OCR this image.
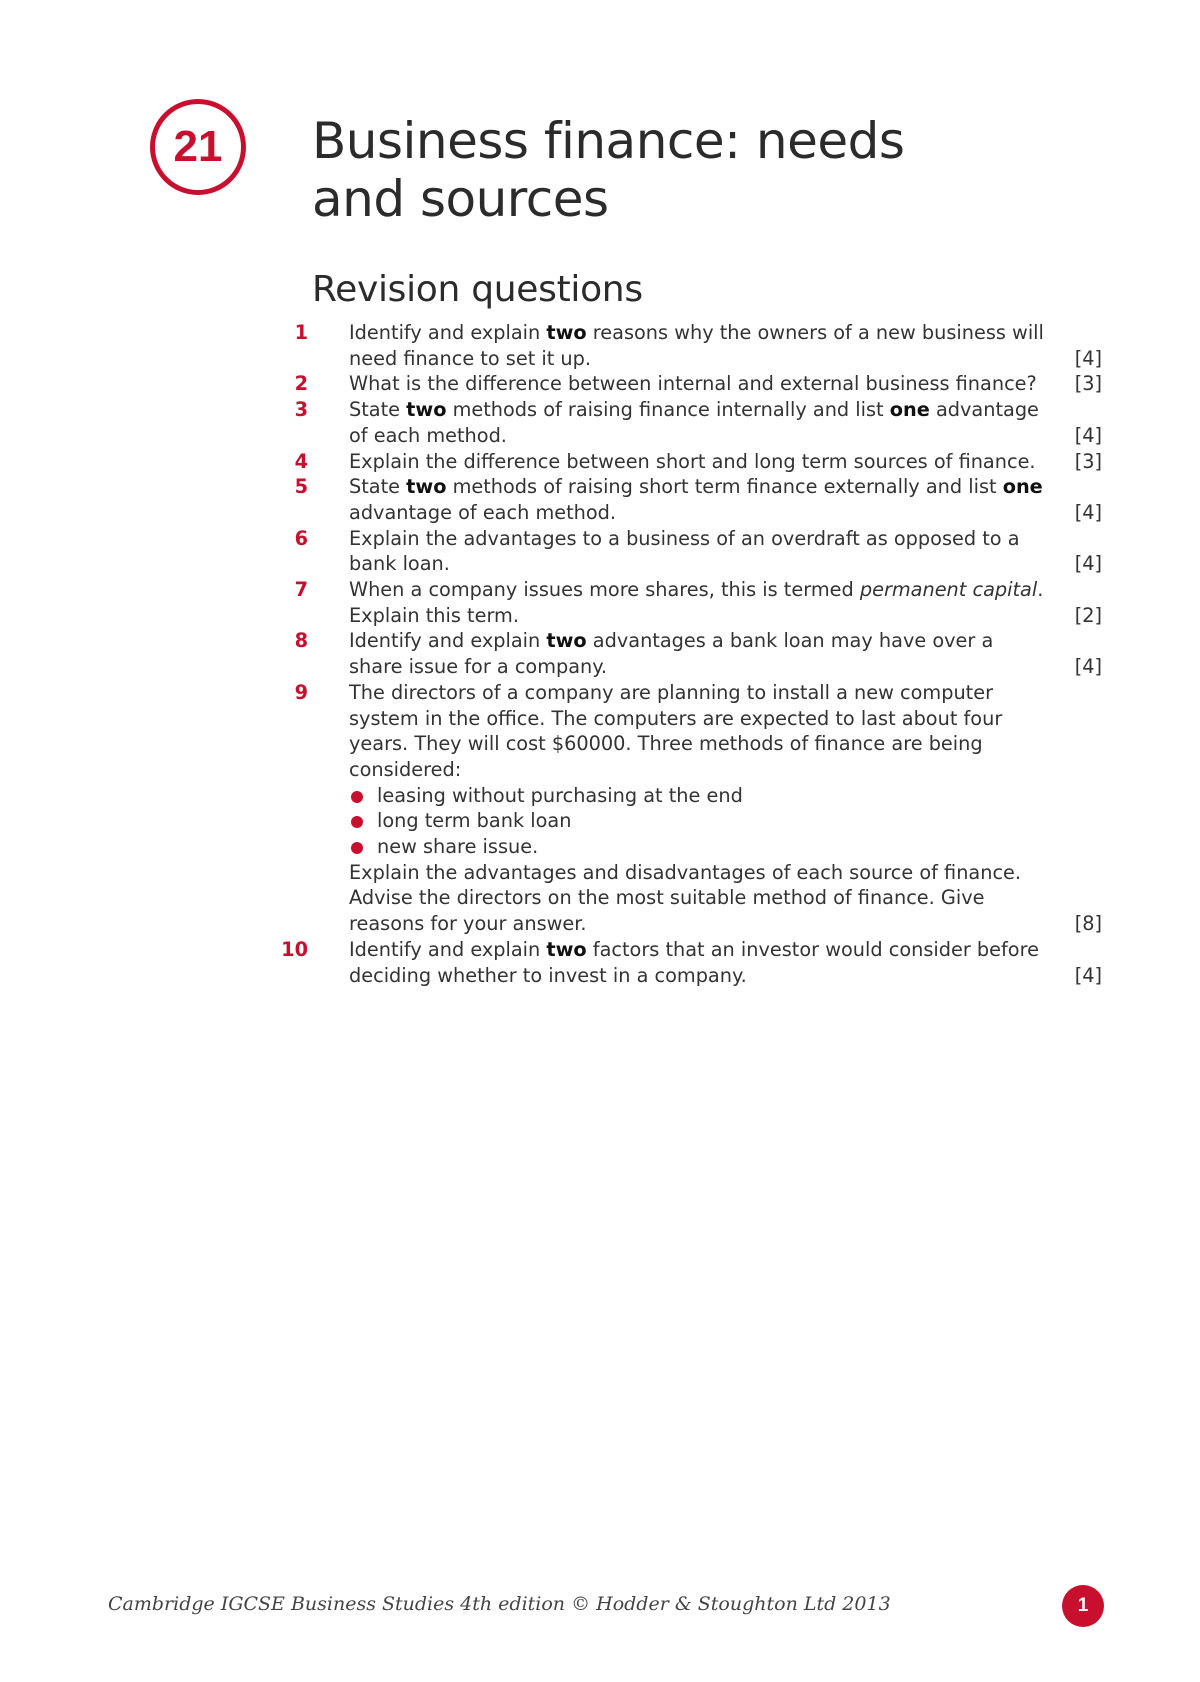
21	Business finance: needs
and sources
Revision questions
1 Identify and explain two reasons why the owners of a new business will need finance to set it up.	[4]
2 What is the difference between internal and external business finance?	[3]
3 State two methods of raising finance internally and list one advantage of each method.	[4]
4 Explain the difference between short and long term sources of finance.	[3]
5 State two methods of raising short term finance externally and list one advantage of each method.	[4]
6 Explain the advantages to a business of an overdraft as opposed to a bank loan.	[4]
7 When a company issues more shares, this is termed permanent capital. Explain this term.	[2]
8 Identify and explain two advantages a bank loan may have over a share issue for a company.	[4]
9 The directors of a company are planning to install a new computer system in the office. The computers are expected to last about four years. They will cost $60000. Three methods of finance are being considered:
leasing without purchasing at the end
long term bank loan
new share issue.
Explain the advantages and disadvantages of each source of finance. Advise the directors on the most suitable method of finance. Give reasons for your answer.	[8]
10 Identify and explain two factors that an investor would consider before deciding whether to invest in a company.	[4]
Cambridge IGCSE Business Studies 4th edition © Hodder & Stoughton Ltd 2013	1
